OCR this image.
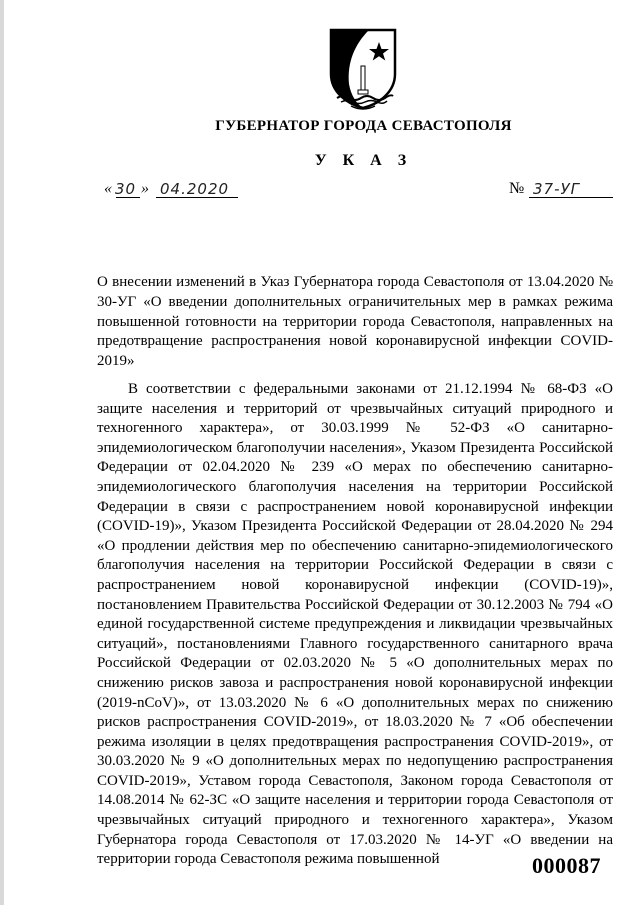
ГУБЕРНАТОР ГОРОДА СЕВАСТОПОЛЯ
У К А З
« 30 » 04.2020	№ 37-УГ

О внесении изменений в Указ Губернатора города Севастополя от 13.04.2020 № 30-УГ «О введении дополнительных ограничительных мер в рамках режима повышенной готовности на территории города Севастополя, направленных на предотвращение распространения новой коронавирусной инфекции COVID-2019»

В соответствии с федеральными законами от 21.12.1994 № 68-ФЗ «О защите населения и территорий от чрезвычайных ситуаций природного и техногенного характера», от 30.03.1999 № 52-ФЗ «О санитарно-эпидемиологическом благополучии населения», Указом Президента Российской Федерации от 02.04.2020 № 239 «О мерах по обеспечению санитарно-эпидемиологического благополучия населения на территории Российской Федерации в связи с распространением новой коронавирусной инфекции (COVID-19)», Указом Президента Российской Федерации от 28.04.2020 № 294 «О продлении действия мер по обеспечению санитарно-эпидемиологического благополучия населения на территории Российской Федерации в связи с распространением новой коронавирусной инфекции (COVID-19)», постановлением Правительства Российской Федерации от 30.12.2003 № 794 «О единой государственной системе предупреждения и ликвидации чрезвычайных ситуаций», постановлениями Главного государственного санитарного врача Российской Федерации от 02.03.2020 № 5 «О дополнительных мерах по снижению рисков завоза и распространения новой коронавирусной инфекции (2019-nCoV)», от 13.03.2020 № 6 «О дополнительных мерах по снижению рисков распространения COVID-2019», от 18.03.2020 № 7 «Об обеспечении режима изоляции в целях предотвращения распространения COVID-2019», от 30.03.2020 № 9 «О дополнительных мерах по недопущению распространения COVID-2019», Уставом города Севастополя, Законом города Севастополя от 14.08.2014 № 62-ЗС «О защите населения и территории города Севастополя от чрезвычайных ситуаций природного и техногенного характера», Указом Губернатора города Севастополя от 17.03.2020 № 14-УГ «О введении на территории города Севастополя режима повышенной	000087
